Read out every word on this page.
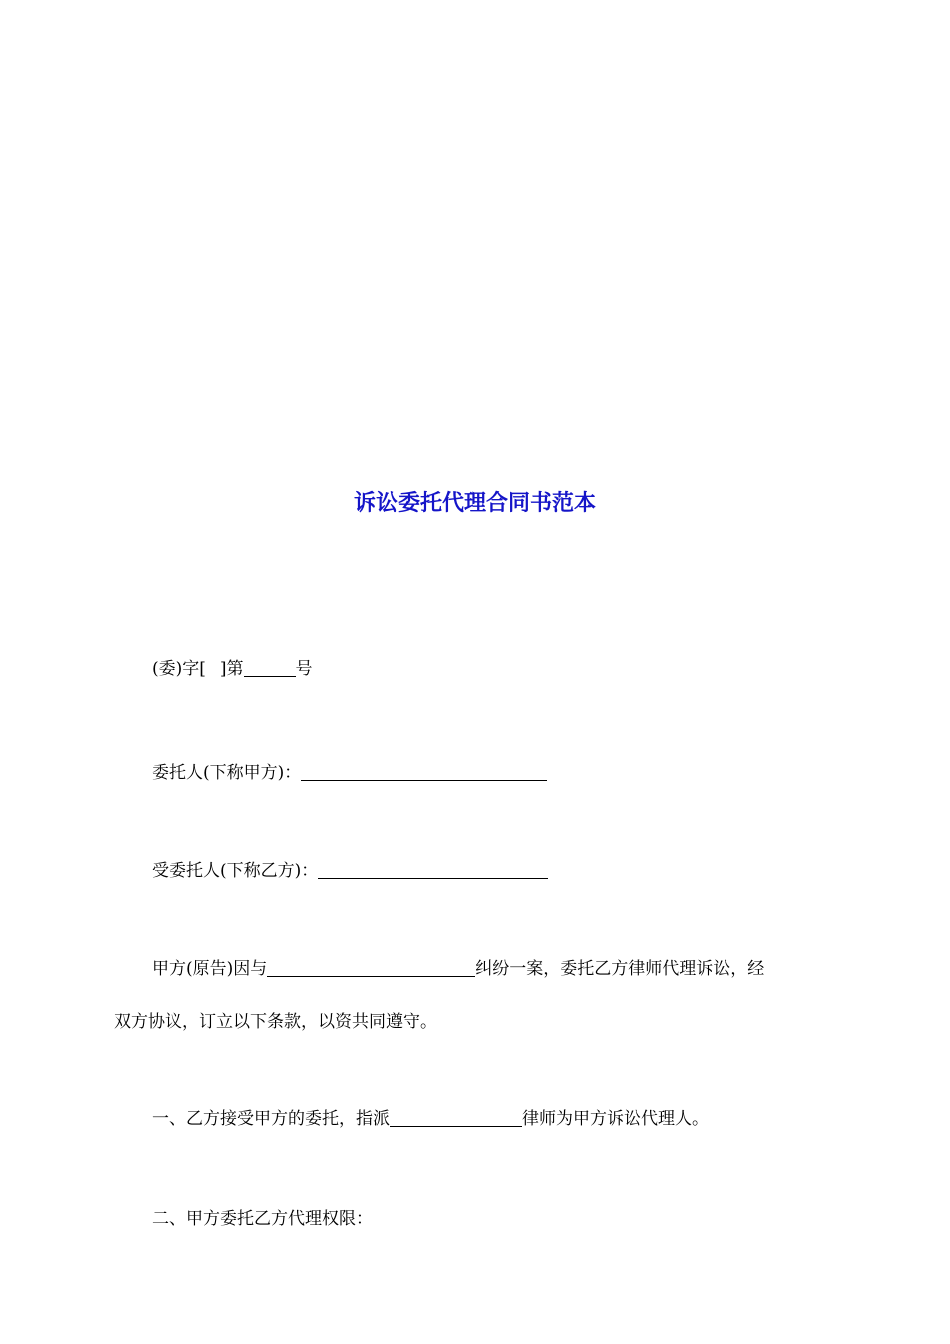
诉讼委托代理合同书范本

(委)字[ ]第	号

委托人(下称甲方)：

受委托人(下称乙方)：

甲方(原告)因与	纠纷一案，委托乙方律师代理诉讼，经

双方协议，订立以下条款，以资共同遵守。

一、乙方接受甲方的委托，指派	律师为甲方诉讼代理人。

二、甲方委托乙方代理权限：
